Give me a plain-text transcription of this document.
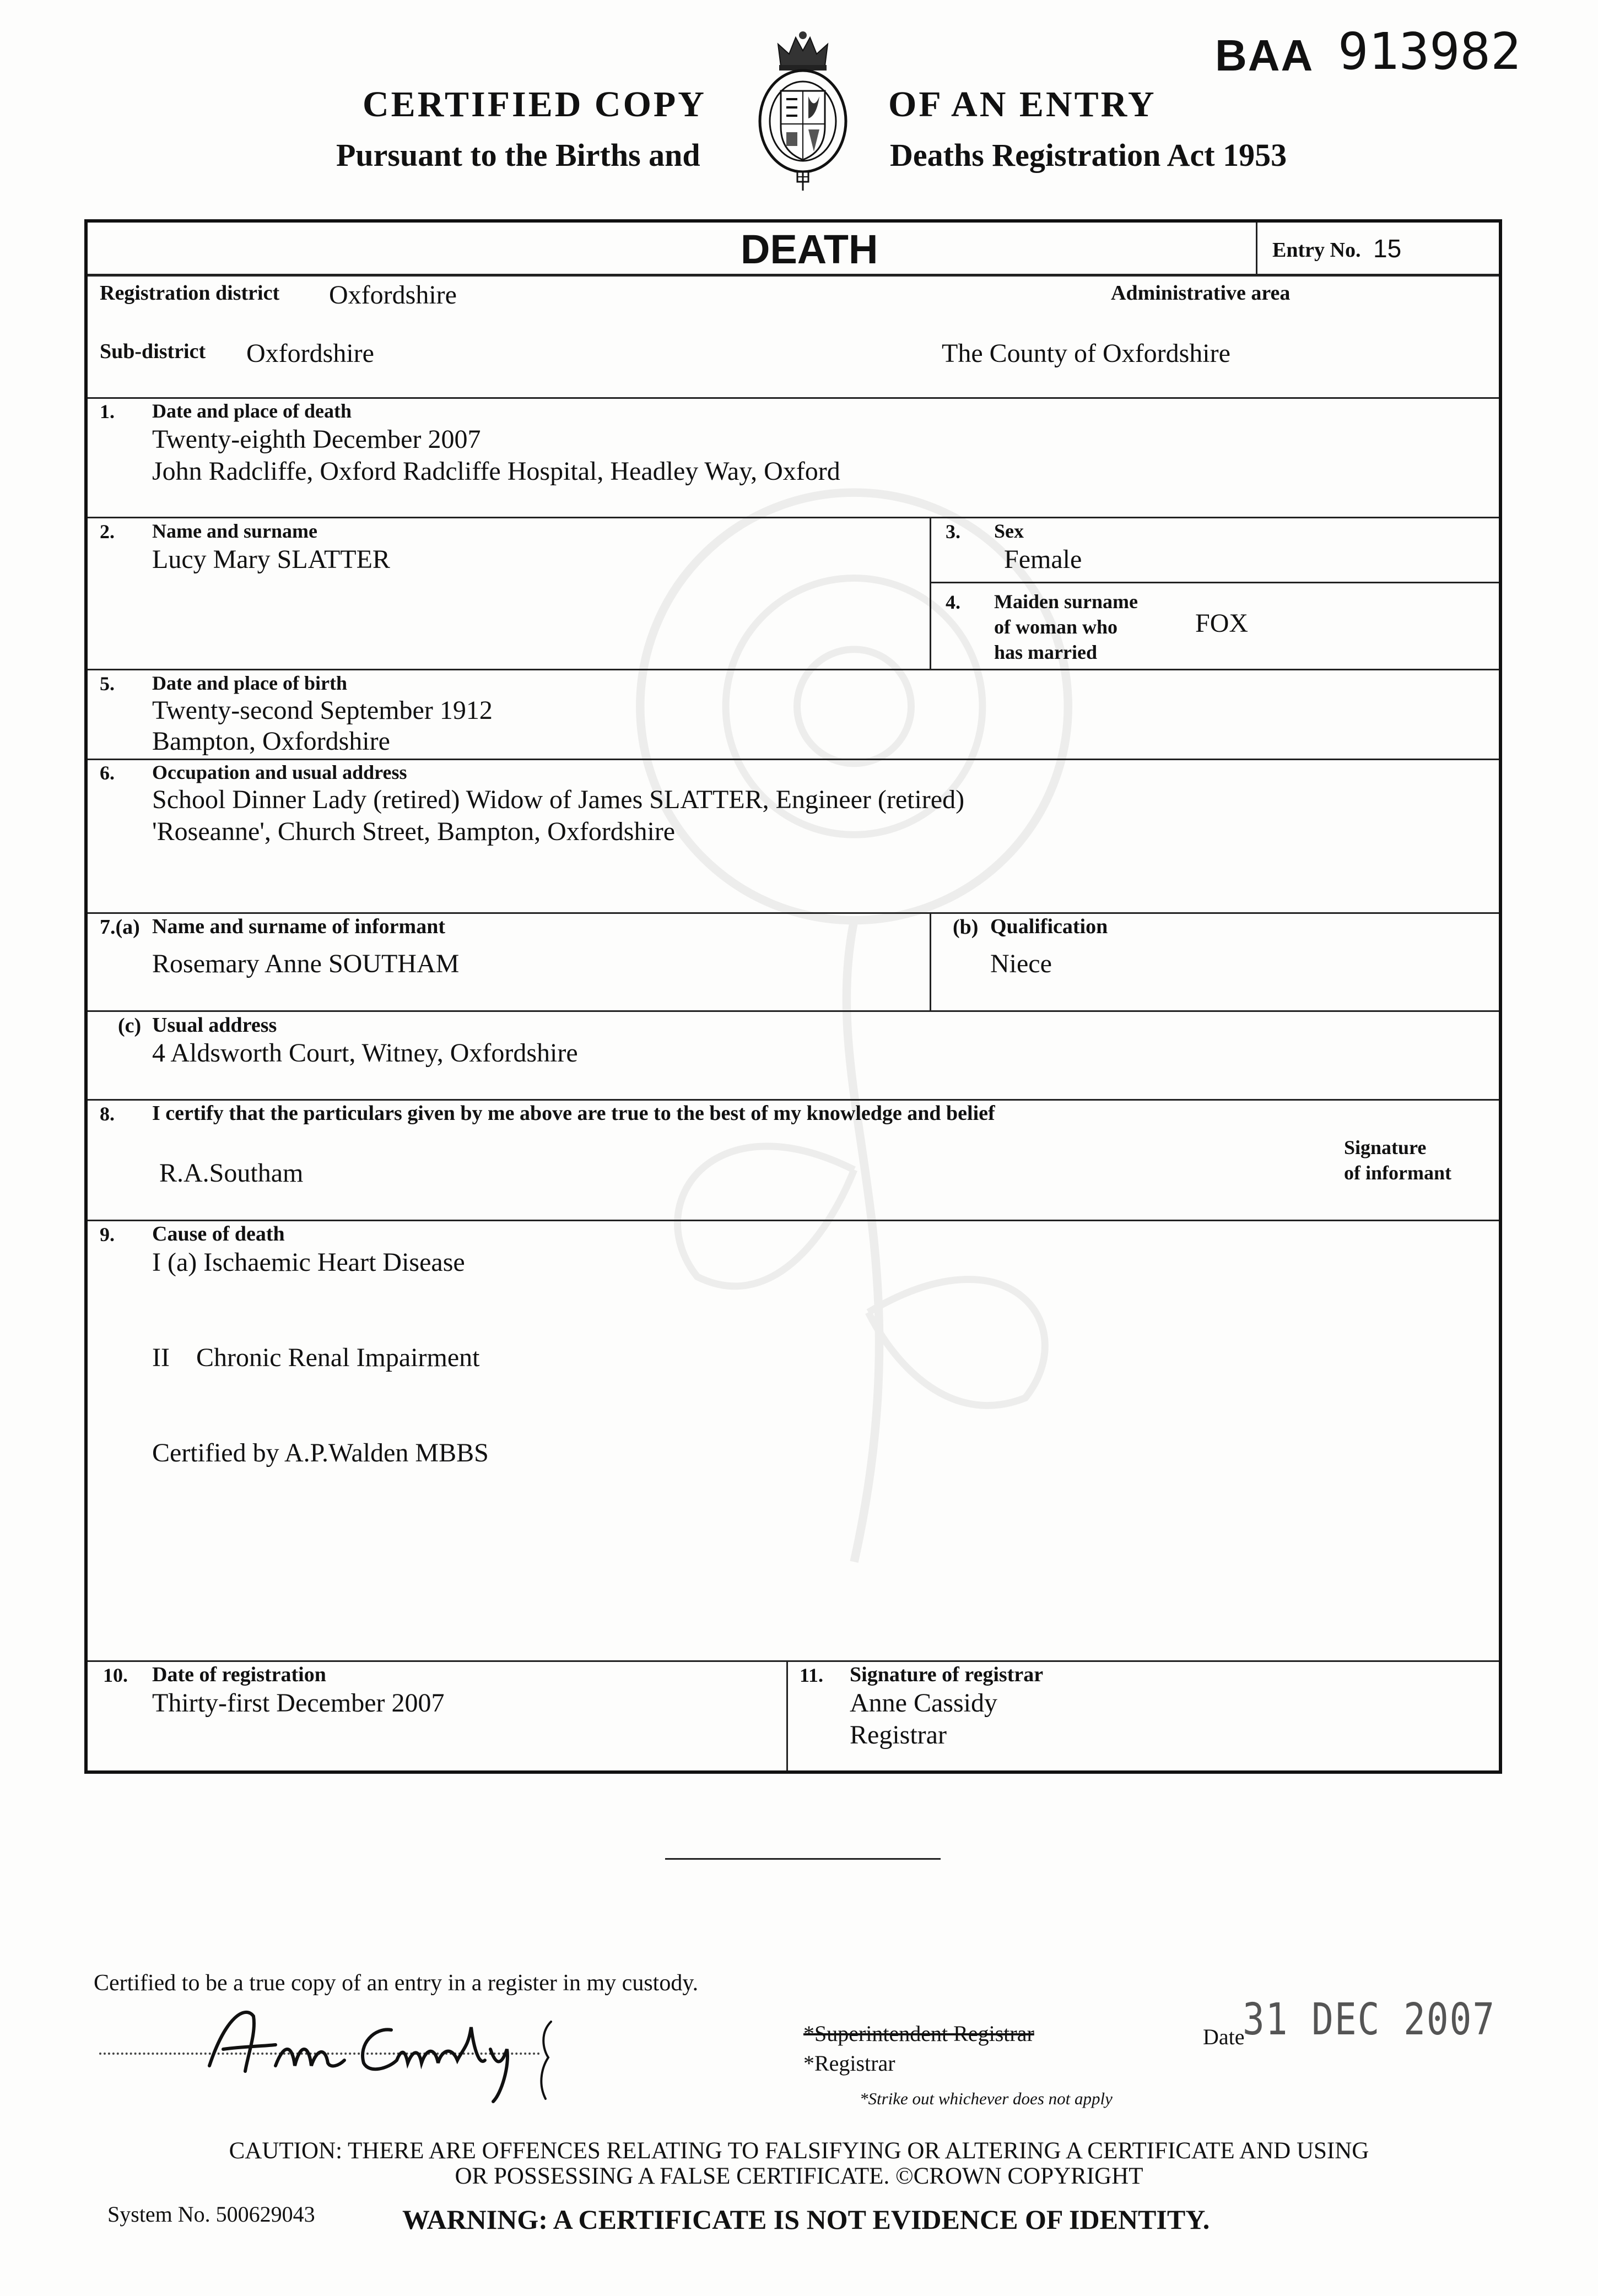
BAA 913982
CERTIFIED COPY	OF AN ENTRY
Pursuant to the Births and	Deaths Registration Act 1953
DEATH	Entry No. 15
Registration district Oxfordshire	Administrative area
Sub-district Oxfordshire	The County of Oxfordshire
1. Date and place of death
Twenty-eighth December 2007
John Radcliffe, Oxford Radcliffe Hospital, Headley Way, Oxford
2. Name and surname
Lucy Mary SLATTER
3. Sex
Female
4. Maiden surname
of woman who
has married
FOX
5. Date and place of birth
Twenty-second September 1912
Bampton, Oxfordshire
6. Occupation and usual address
School Dinner Lady (retired) Widow of James SLATTER, Engineer (retired)
'Roseanne', Church Street, Bampton, Oxfordshire
7.(a) Name and surname of informant
Rosemary Anne SOUTHAM
(b) Qualification
Niece
(c) Usual address
4 Aldsworth Court, Witney, Oxfordshire
8. I certify that the particulars given by me above are true to the best of my knowledge and belief
R.A.Southam
Signature
of informant
9. Cause of death
I (a) Ischaemic Heart Disease
II    Chronic Renal Impairment
Certified by A.P.Walden MBBS
10. Date of registration
Thirty-first December 2007
11. Signature of registrar
Anne Cassidy
Registrar
Certified to be a true copy of an entry in a register in my custody.
*Superintendent Registrar
*Registrar
*Strike out whichever does not apply
Date
31 DEC 2007
CAUTION: THERE ARE OFFENCES RELATING TO FALSIFYING OR ALTERING A CERTIFICATE AND USING
OR POSSESSING A FALSE CERTIFICATE. ©CROWN COPYRIGHT
System No. 500629043	WARNING: A CERTIFICATE IS NOT EVIDENCE OF IDENTITY.
